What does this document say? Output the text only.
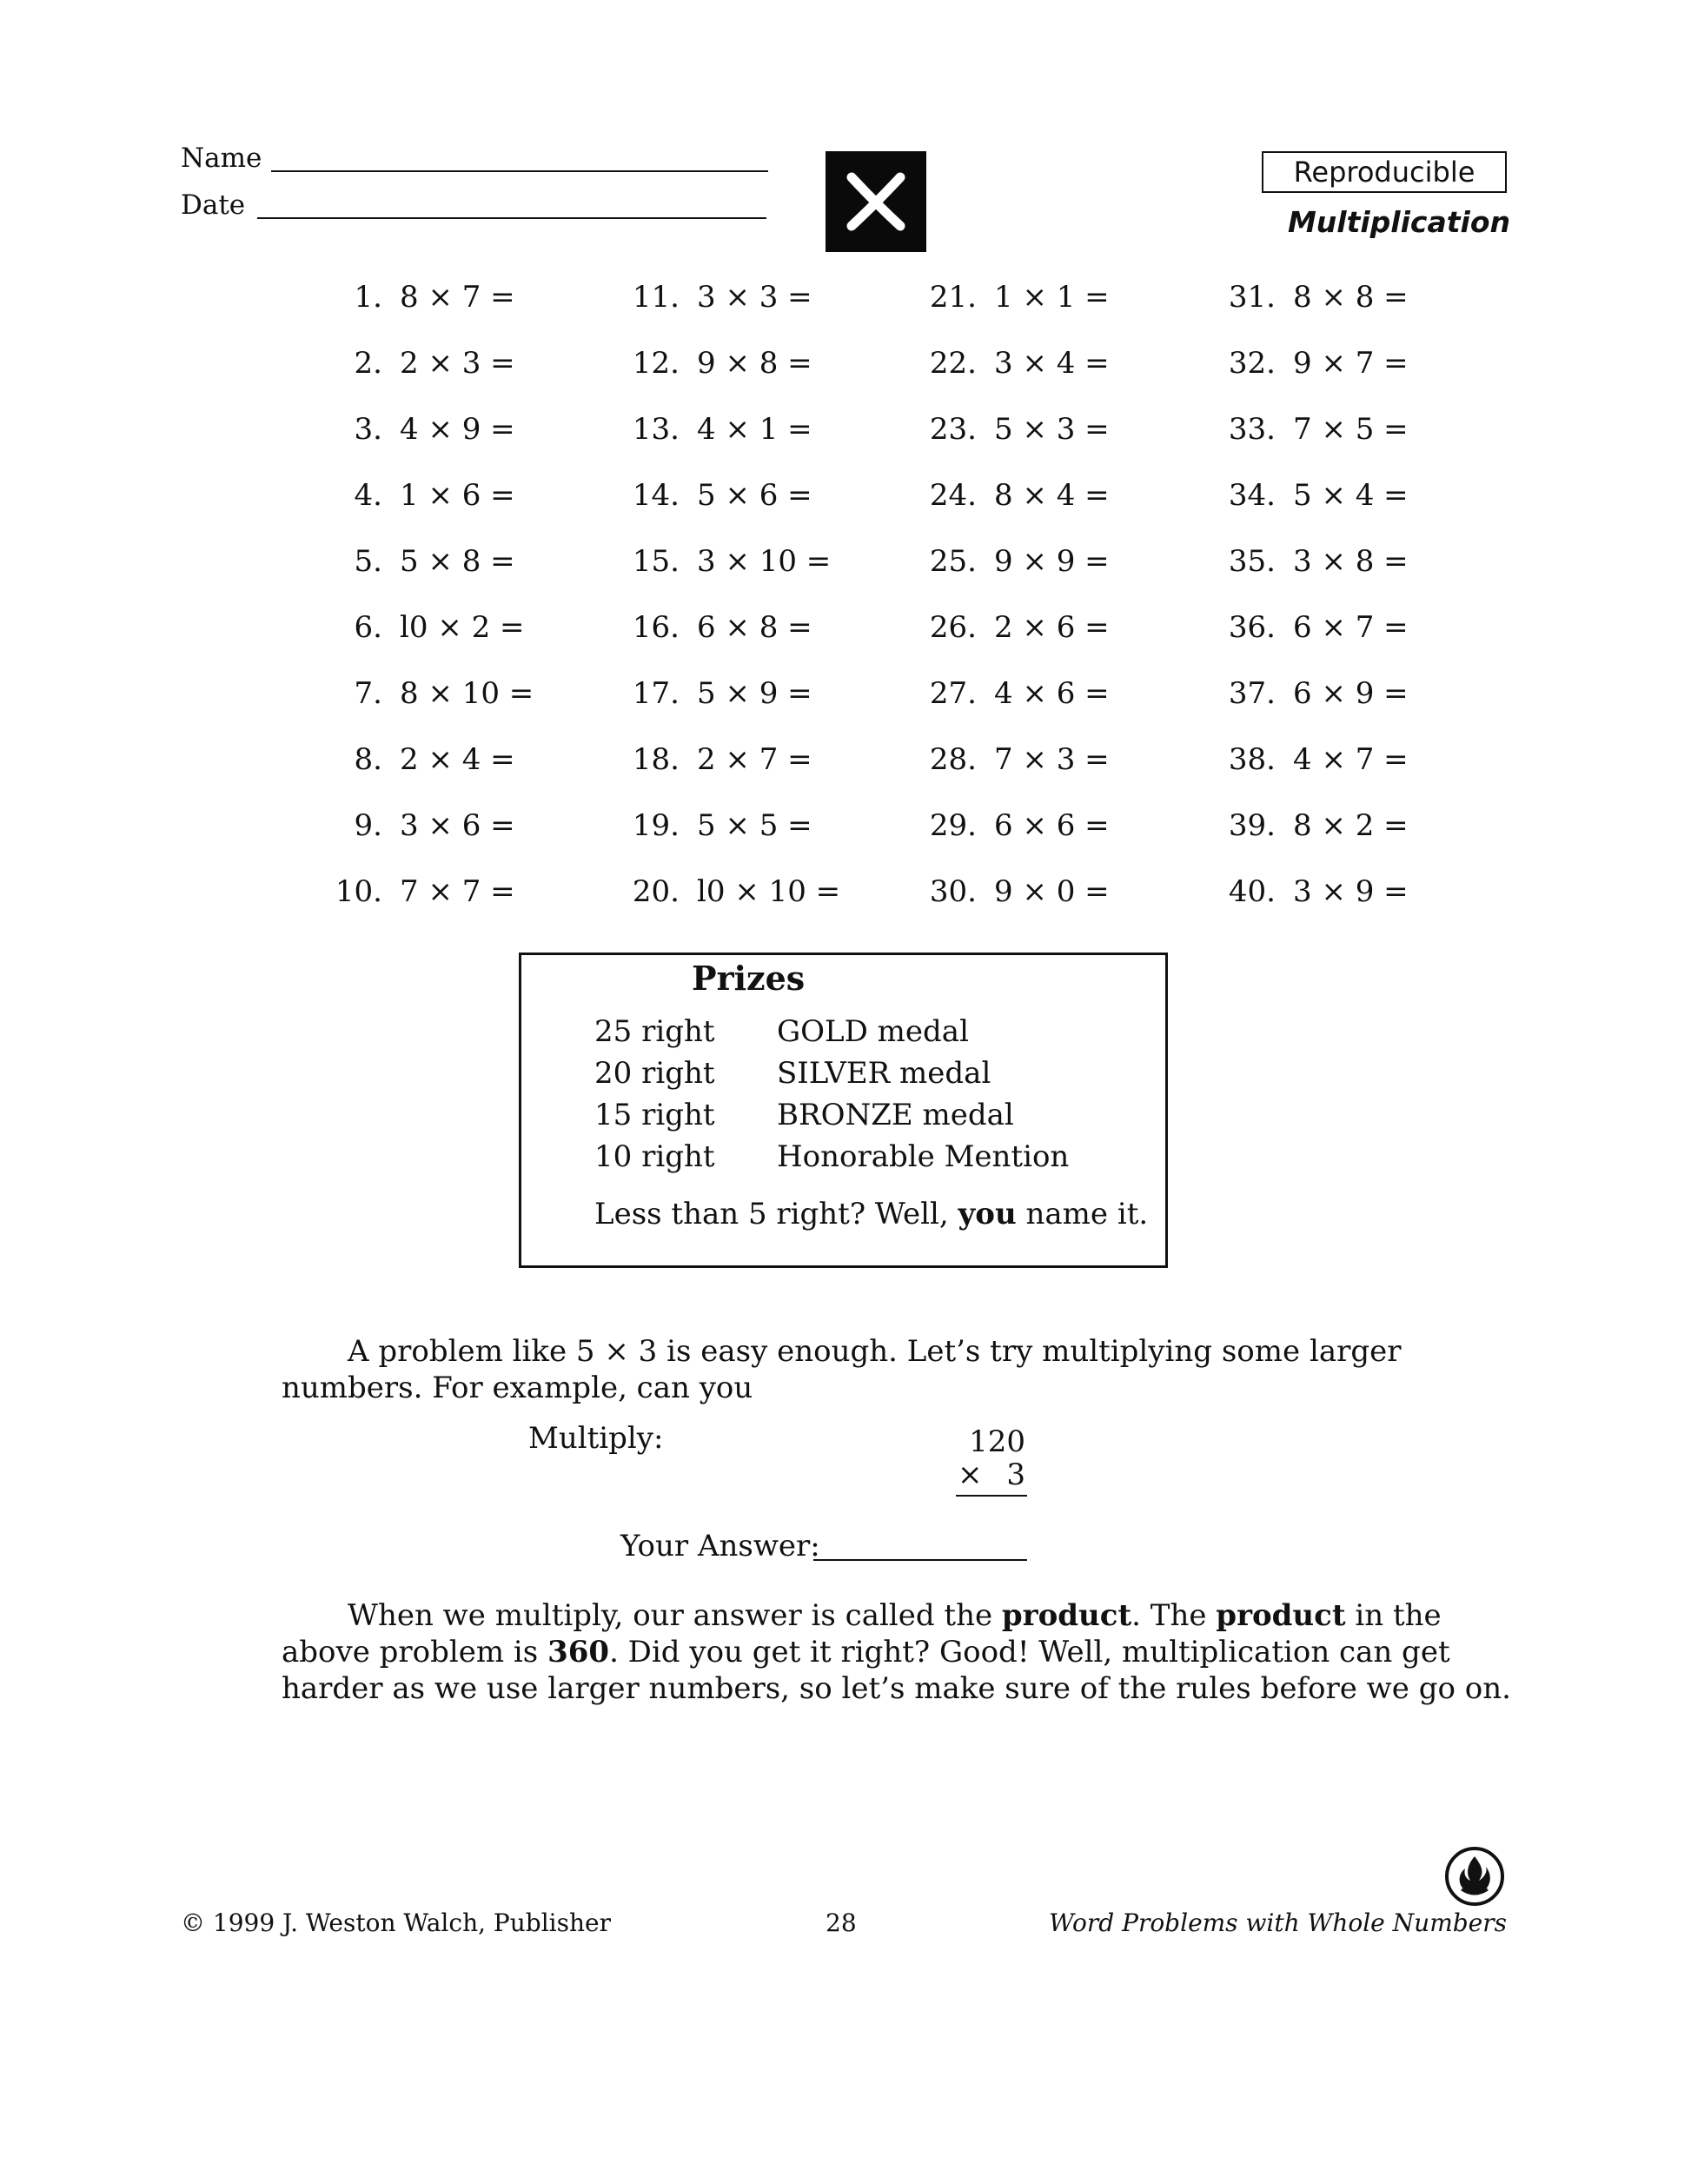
Name
Date
Reproducible
Multiplication
1. 8 × 7 =
2. 2 × 3 =
3. 4 × 9 =
4. 1 × 6 =
5. 5 × 8 =
6. l0 × 2 =
7. 8 × 10 =
8. 2 × 4 =
9. 3 × 6 =
10. 7 × 7 =
11. 3 × 3 =
12. 9 × 8 =
13. 4 × 1 =
14. 5 × 6 =
15. 3 × 10 =
16. 6 × 8 =
17. 5 × 9 =
18. 2 × 7 =
19. 5 × 5 =
20. l0 × 10 =
21. 1 × 1 =
22. 3 × 4 =
23. 5 × 3 =
24. 8 × 4 =
25. 9 × 9 =
26. 2 × 6 =
27. 4 × 6 =
28. 7 × 3 =
29. 6 × 6 =
30. 9 × 0 =
31. 8 × 8 =
32. 9 × 7 =
33. 7 × 5 =
34. 5 × 4 =
35. 3 × 8 =
36. 6 × 7 =
37. 6 × 9 =
38. 4 × 7 =
39. 8 × 2 =
40. 3 × 9 =
Prizes
25 right GOLD medal
20 right SILVER medal
15 right BRONZE medal
10 right Honorable Mention
Less than 5 right? Well, you name it.
A problem like 5 × 3 is easy enough. Let’s try multiplying some larger
numbers. For example, can you
Multiply:	120
× 3
Your Answer:
When we multiply, our answer is called the product. The product in the
above problem is 360. Did you get it right? Good! Well, multiplication can get
harder as we use larger numbers, so let’s make sure of the rules before we go on.
© 1999 J. Weston Walch, Publisher	28	Word Problems with Whole Numbers
